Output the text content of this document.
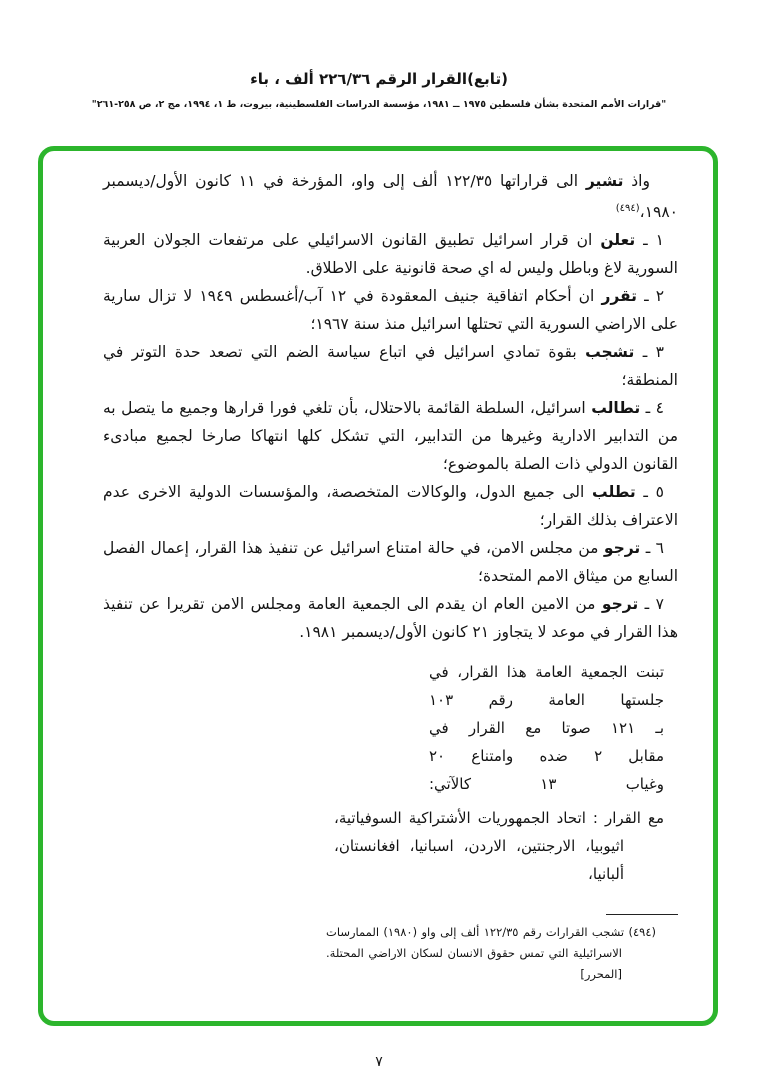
(تابع)القرار الرقم ٢٢٦/٣٦ ألف ، باء
"قرارات الأمم المتحدة بشأن فلسطين ١٩٧٥ ــ ١٩٨١، مؤسسة الدراسات الفلسطينية، بيروت، ط ١، ١٩٩٤، مج ٢، ص ٢٥٨-٢٦١"

واذ تشير الى قراراتها ١٢٢/٣٥ ألف إلى واو، المؤرخة في ١١ كانون الأول/ديسمبر ١٩٨٠،$^{(٤٩٤)}$

١ ـ تعلن ان قرار اسرائيل تطبيق القانون الاسرائيلي على مرتفعات الجولان العربية السورية لاغ وباطل وليس له اي صحة قانونية على الاطلاق.

٢ ـ تقرر ان أحكام اتفاقية جنيف المعقودة في ١٢ آب/أغسطس ١٩٤٩ لا تزال سارية على الاراضي السورية التي تحتلها اسرائيل منذ سنة ١٩٦٧؛

٣ ـ تشجب بقوة تمادي اسرائيل في اتباع سياسة الضم التي تصعد حدة التوتر في المنطقة؛

٤ ـ تطالب اسرائيل، السلطة القائمة بالاحتلال، بأن تلغي فورا قرارها وجميع ما يتصل به من التدابير الادارية وغيرها من التدابير، التي تشكل كلها انتهاكا صارخا لجميع مبادىء القانون الدولي ذات الصلة بالموضوع؛

٥ ـ تطلب الى جميع الدول، والوكالات المتخصصة، والمؤسسات الدولية الاخرى عدم الاعتراف بذلك القرار؛

٦ ـ ترجو من مجلس الامن، في حالة امتناع اسرائيل عن تنفيذ هذا القرار، إعمال الفصل السابع من ميثاق الامم المتحدة؛

٧ ـ ترجو من الامين العام ان يقدم الى الجمعية العامة ومجلس الامن تقريرا عن تنفيذ هذا القرار في موعد لا يتجاوز ٢١ كانون الأول/ديسمبر ١٩٨١.

تبنت الجمعية العامة هذا القرار، في
جلستها العامة رقم ١٠٣
بـ ١٢١ صوتا مع القرار في
مقابل ٢ ضده وامتناع ٢٠
وغياب ١٣ كالآتي:

مع القرار : اتحاد الجمهوريات الأشتراكية السوفياتية، اثيوبيا، الارجنتين، الاردن، اسبانيا، افغانستان، ألبانيا،

(٤٩٤) تشجب القرارات رقم ١٢٢/٣٥ ألف إلى واو (١٩٨٠) الممارسات الاسرائيلية التي تمس حقوق الانسان لسكان الاراضي المحتلة. [المحرر]

٧
